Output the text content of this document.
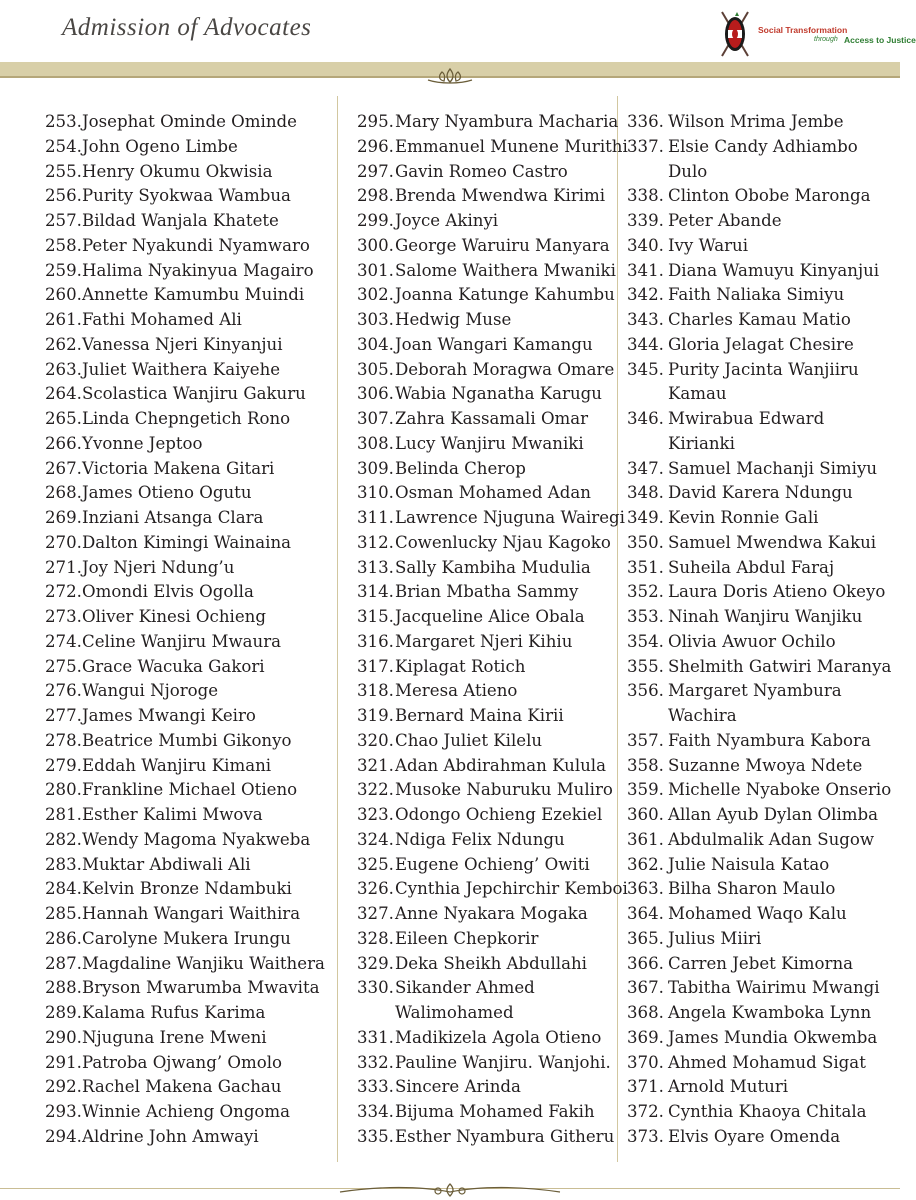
Admission of Advocates	Social Transformation
through Access to Justice
253. Josephat Ominde Ominde
254. John Ogeno Limbe
255. Henry Okumu Okwisia
256. Purity Syokwaa Wambua
257. Bildad Wanjala Khatete
258. Peter Nyakundi Nyamwaro
259. Halima Nyakinyua Magairo
260. Annette Kamumbu Muindi
261. Fathi Mohamed Ali
262. Vanessa Njeri Kinyanjui
263. Juliet Waithera Kaiyehe
264. Scolastica Wanjiru Gakuru
265. Linda Chepngetich Rono
266. Yvonne Jeptoo
267. Victoria Makena Gitari
268. James Otieno Ogutu
269. Inziani Atsanga Clara
270. Dalton Kimingi Wainaina
271. Joy Njeri Ndung’u
272. Omondi Elvis Ogolla
273. Oliver Kinesi Ochieng
274. Celine Wanjiru Mwaura
275. Grace Wacuka Gakori
276. Wangui Njoroge
277. James Mwangi Keiro
278. Beatrice Mumbi Gikonyo
279. Eddah Wanjiru Kimani
280. Frankline Michael Otieno
281. Esther Kalimi Mwova
282. Wendy Magoma Nyakweba
283. Muktar Abdiwali Ali
284. Kelvin Bronze Ndambuki
285. Hannah Wangari Waithira
286. Carolyne Mukera Irungu
287. Magdaline Wanjiku Waithera
288. Bryson Mwarumba Mwavita
289. Kalama Rufus Karima
290. Njuguna Irene Mweni
291. Patroba Ojwang’ Omolo
292. Rachel Makena Gachau
293. Winnie Achieng Ongoma
294. Aldrine John Amwayi
295. Mary Nyambura Macharia
296. Emmanuel Munene Murithi
297. Gavin Romeo Castro
298. Brenda Mwendwa Kirimi
299. Joyce Akinyi
300. George Waruiru Manyara
301. Salome Waithera Mwaniki
302. Joanna Katunge Kahumbu
303. Hedwig Muse
304. Joan Wangari Kamangu
305. Deborah Moragwa Omare
306. Wabia Nganatha Karugu
307. Zahra Kassamali Omar
308. Lucy Wanjiru Mwaniki
309. Belinda Cherop
310. Osman Mohamed Adan
311. Lawrence Njuguna Wairegi
312. Cowenlucky Njau Kagoko
313. Sally Kambiha Mudulia
314. Brian Mbatha Sammy
315. Jacqueline Alice Obala
316. Margaret Njeri Kihiu
317. Kiplagat Rotich
318. Meresa Atieno
319. Bernard Maina Kirii
320. Chao Juliet Kilelu
321. Adan Abdirahman Kulula
322. Musoke Naburuku Muliro
323. Odongo Ochieng Ezekiel
324. Ndiga Felix Ndungu
325. Eugene Ochieng’ Owiti
326. Cynthia Jepchirchir Kemboi
327. Anne Nyakara Mogaka
328. Eileen Chepkorir
329. Deka Sheikh Abdullahi
330. Sikander Ahmed
Walimohamed
331. Madikizela Agola Otieno
332. Pauline Wanjiru. Wanjohi.
333. Sincere Arinda
334. Bijuma Mohamed Fakih
335. Esther Nyambura Githeru
336. Wilson Mrima Jembe
337. Elsie Candy Adhiambo
Dulo
338. Clinton Obobe Maronga
339. Peter Abande
340. Ivy Warui
341. Diana Wamuyu Kinyanjui
342. Faith Naliaka Simiyu
343. Charles Kamau Matio
344. Gloria Jelagat Chesire
345. Purity Jacinta Wanjiiru
Kamau
346. Mwirabua Edward
Kirianki
347. Samuel Machanji Simiyu
348. David Karera Ndungu
349. Kevin Ronnie Gali
350. Samuel Mwendwa Kakui
351. Suheila Abdul Faraj
352. Laura Doris Atieno Okeyo
353. Ninah Wanjiru Wanjiku
354. Olivia Awuor Ochilo
355. Shelmith Gatwiri Maranya
356. Margaret Nyambura
Wachira
357. Faith Nyambura Kabora
358. Suzanne Mwoya Ndete
359. Michelle Nyaboke Onserio
360. Allan Ayub Dylan Olimba
361. Abdulmalik Adan Sugow
362. Julie Naisula Katao
363. Bilha Sharon Maulo
364. Mohamed Waqo Kalu
365. Julius Miiri
366. Carren Jebet Kimorna
367. Tabitha Wairimu Mwangi
368. Angela Kwamboka Lynn
369. James Mundia Okwemba
370. Ahmed Mohamud Sigat
371. Arnold Muturi
372. Cynthia Khaoya Chitala
373. Elvis Oyare Omenda
